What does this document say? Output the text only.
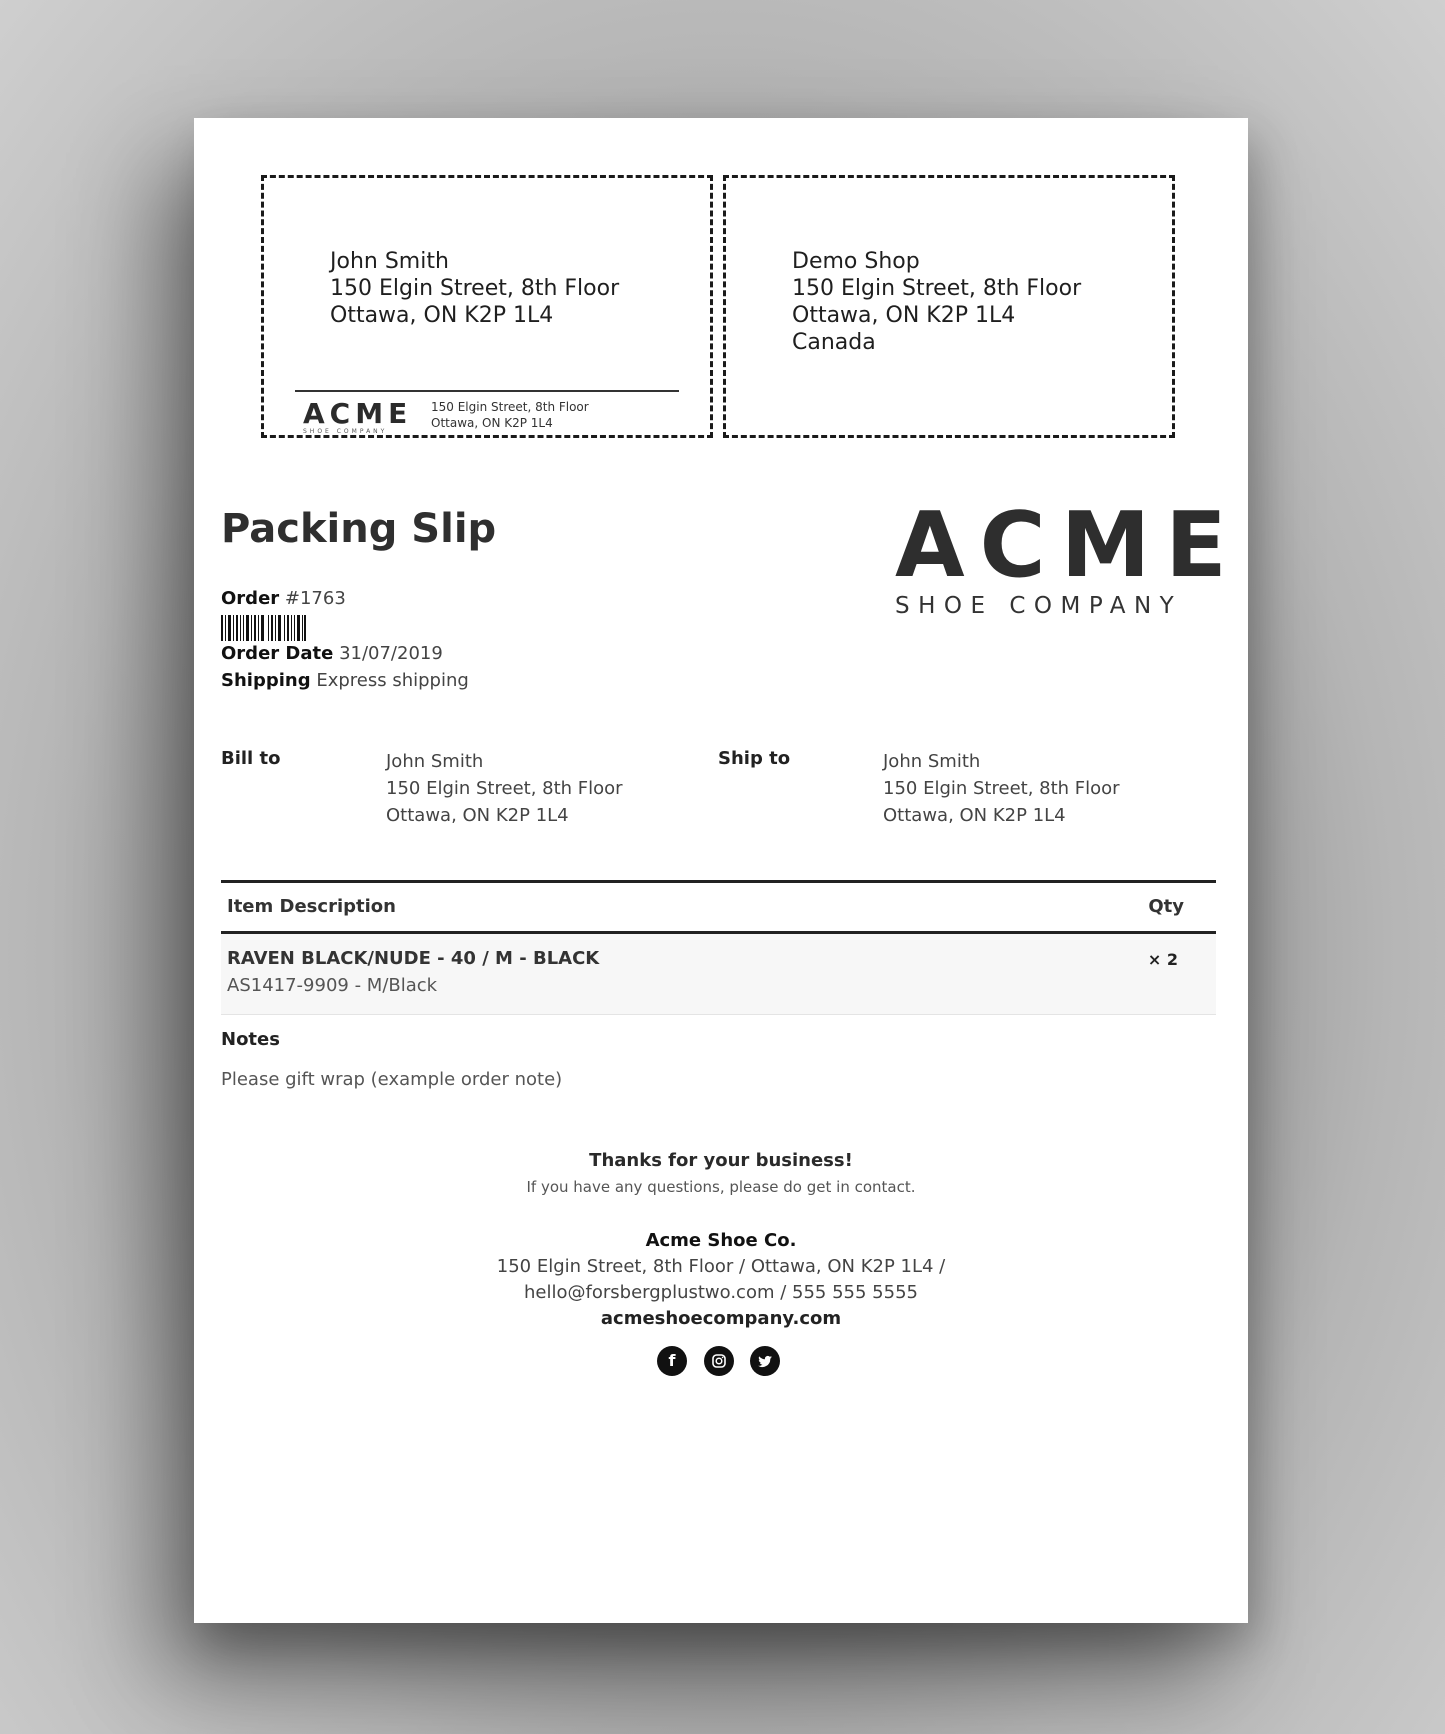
John Smith
150 Elgin Street, 8th Floor
Ottawa, ON K2P 1L4
ACME
SHOE COMPANY
150 Elgin Street, 8th Floor
Ottawa, ON K2P 1L4
Demo Shop
150 Elgin Street, 8th Floor
Ottawa, ON K2P 1L4
Canada
Packing Slip	ACME
SHOE COMPANY
Order #1763
Order Date 31/07/2019
Shipping Express shipping
Bill to	John Smith
150 Elgin Street, 8th Floor
Ottawa, ON K2P 1L4
Ship to	John Smith
150 Elgin Street, 8th Floor
Ottawa, ON K2P 1L4
Item Description	Qty
RAVEN BLACK/NUDE - 40 / M - BLACK
AS1417-9909 - M/Black
× 2
Notes
Please gift wrap (example order note)
Thanks for your business!
If you have any questions, please do get in contact.
Acme Shoe Co.
150 Elgin Street, 8th Floor / Ottawa, ON K2P 1L4 /
hello@forsbergplustwo.com / 555 555 5555
acmeshoecompany.com
f
